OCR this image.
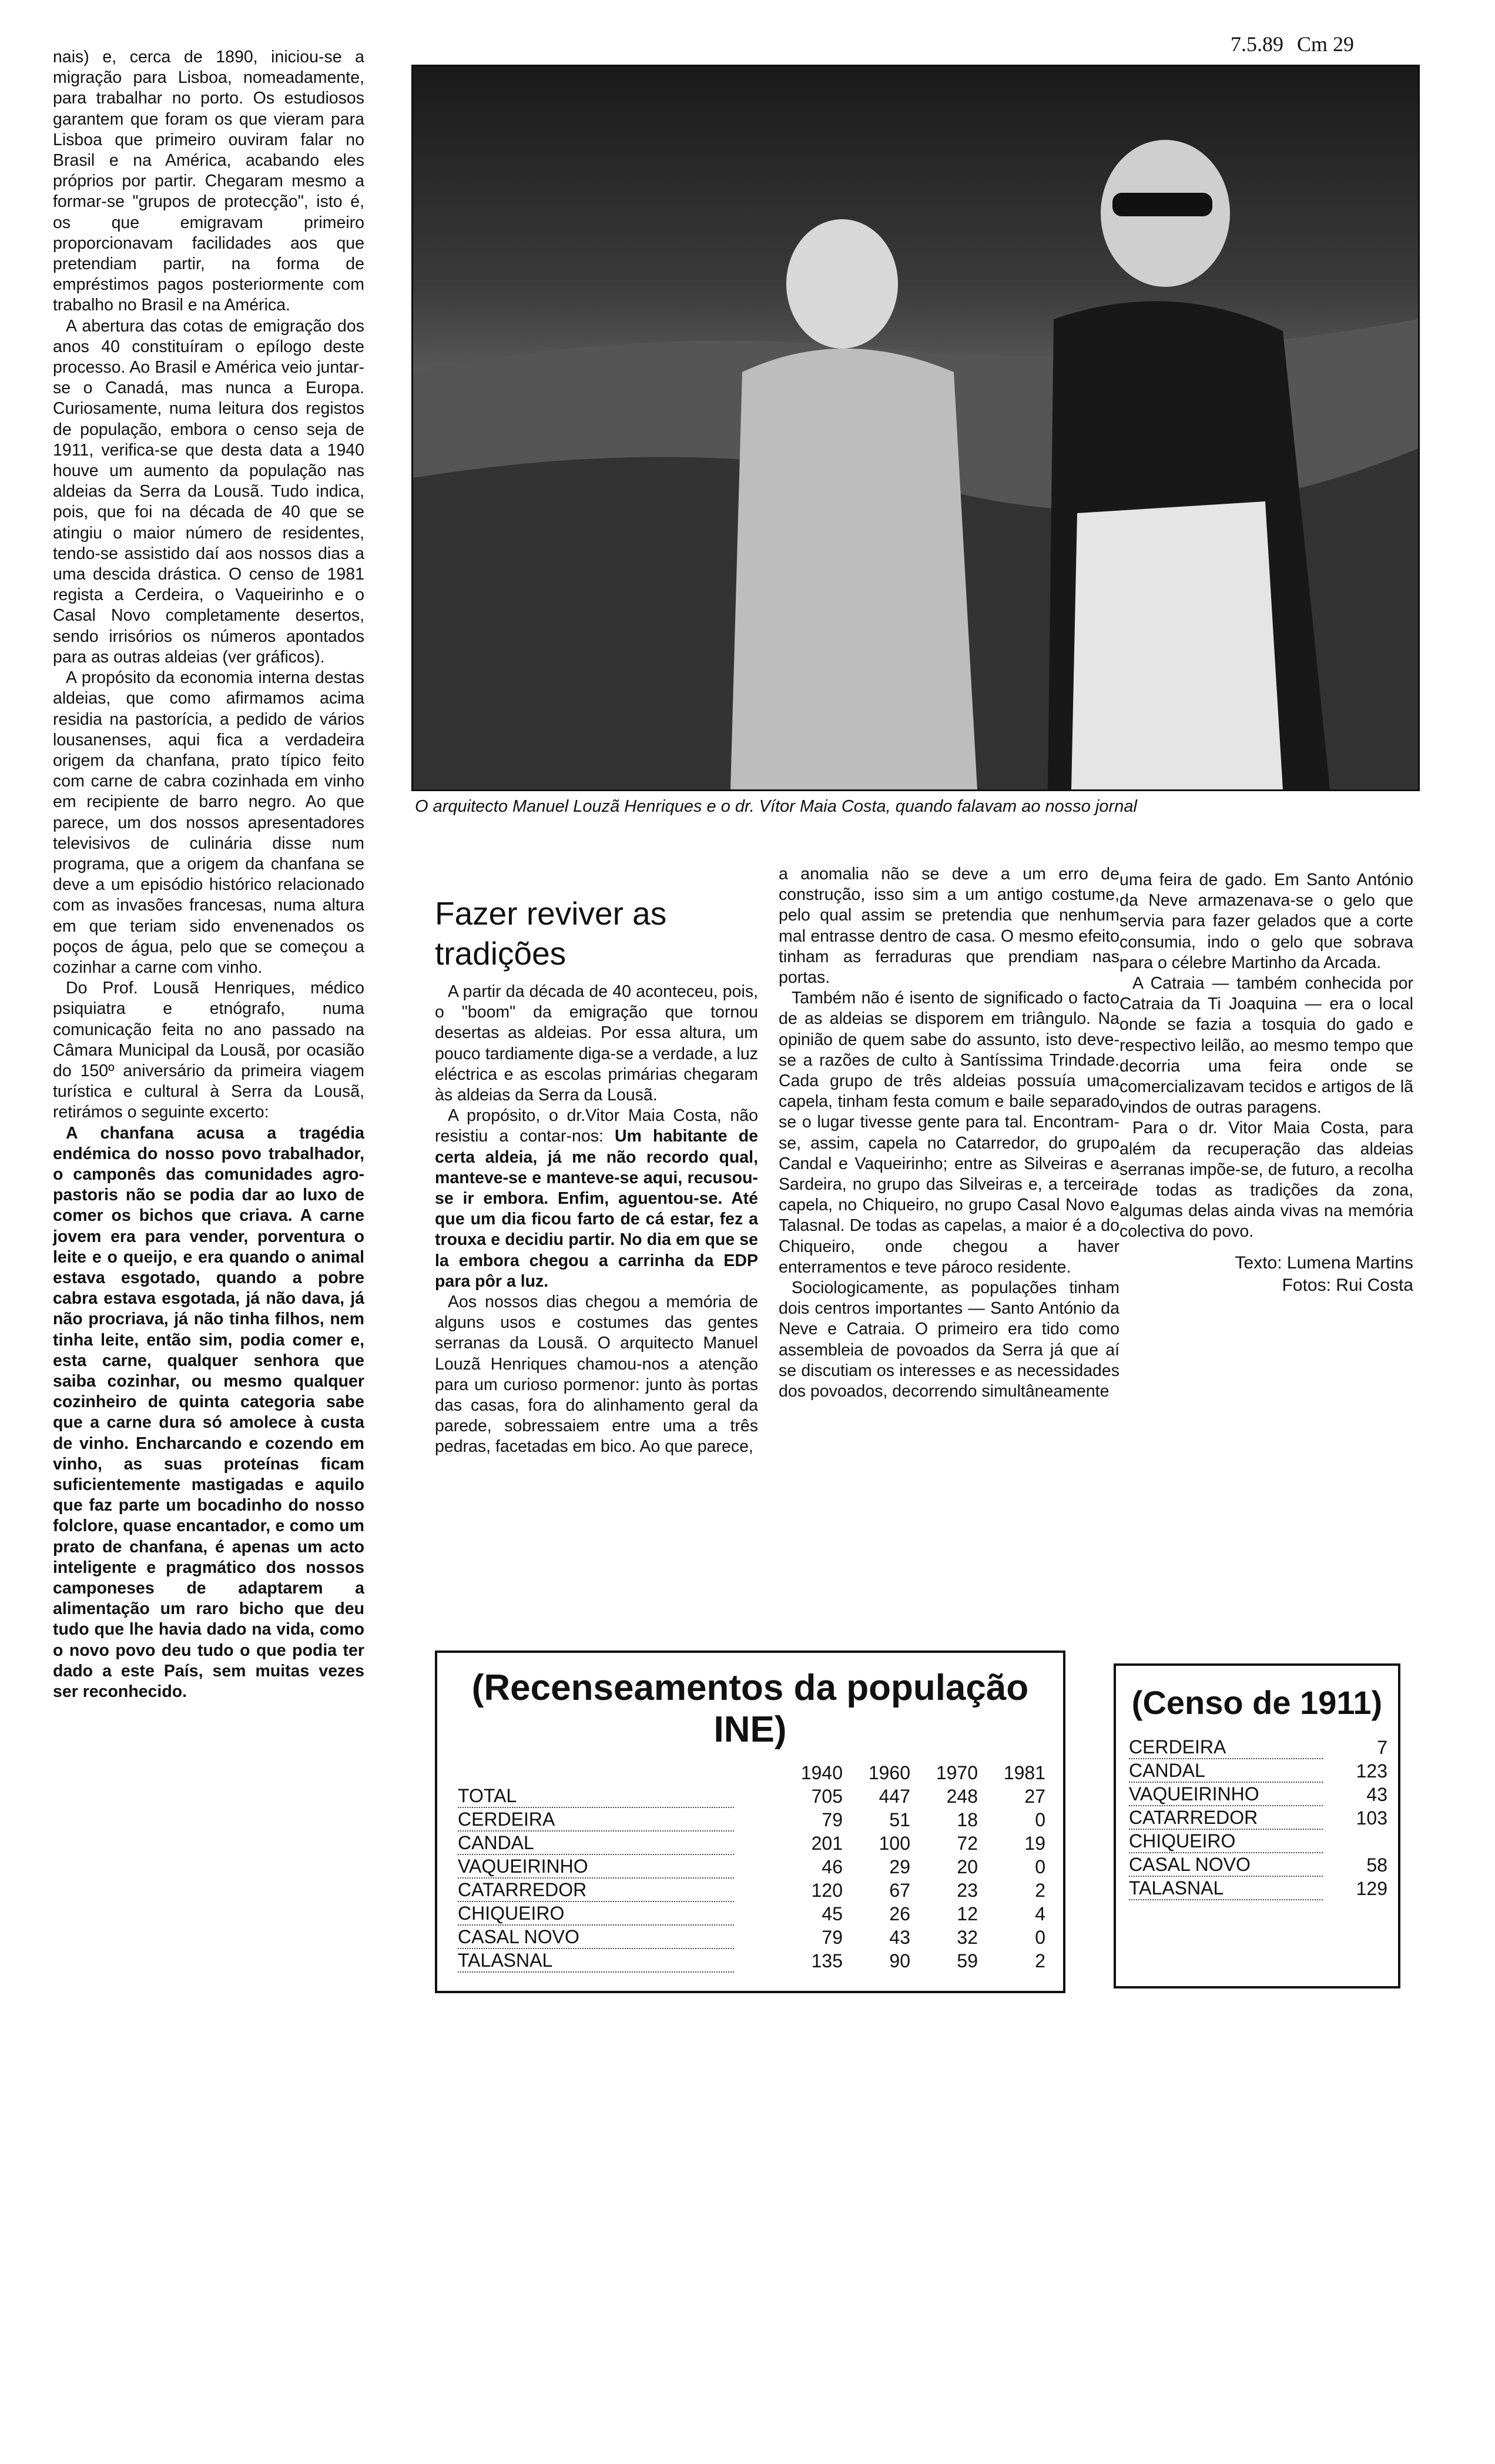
7.5.89 Cm 29

nais) e, cerca de 1890, iniciou-se a migração para Lisboa, nomeadamente, para trabalhar no porto. Os estudiosos garantem que foram os que vieram para Lisboa que primeiro ouviram falar no Brasil e na América, acabando eles próprios por partir. Chegaram mesmo a formar-se "grupos de protecção", isto é, os que emigravam primeiro proporcionavam facilidades aos que pretendiam partir, na forma de empréstimos pagos posteriormente com trabalho no Brasil e na América.

A abertura das cotas de emigração dos anos 40 constituíram o epílogo deste processo. Ao Brasil e América veio juntar-se o Canadá, mas nunca a Europa. Curiosamente, numa leitura dos registos de população, embora o censo seja de 1911, verifica-se que desta data a 1940 houve um aumento da população nas aldeias da Serra da Lousã. Tudo indica, pois, que foi na década de 40 que se atingiu o maior número de residentes, tendo-se assistido daí aos nossos dias a uma descida drástica. O censo de 1981 regista a Cerdeira, o Vaqueirinho e o Casal Novo completamente desertos, sendo irrisórios os números apontados para as outras aldeias (ver gráficos).

A propósito da economia interna destas aldeias, que como afirmamos acima residia na pastorícia, a pedido de vários lousanenses, aqui fica a verdadeira origem da chanfana, prato típico feito com carne de cabra cozinhada em vinho em recipiente de barro negro. Ao que parece, um dos nossos apresentadores televisivos de culinária disse num programa, que a origem da chanfana se deve a um episódio histórico relacionado com as invasões francesas, numa altura em que teriam sido envenenados os poços de água, pelo que se começou a cozinhar a carne com vinho.

Do Prof. Lousã Henriques, médico psiquiatra e etnógrafo, numa comunicação feita no ano passado na Câmara Municipal da Lousã, por ocasião do 150º aniversário da primeira viagem turística e cultural à Serra da Lousã, retirámos o seguinte excerto:

A chanfana acusa a tragédia endémica do nosso povo trabalhador, o camponês das comunidades agro-pastoris não se podia dar ao luxo de comer os bichos que criava. A carne jovem era para vender, porventura o leite e o queijo, e era quando o animal estava esgotado, quando a pobre cabra estava esgotada, já não dava, já não procriava, já não tinha filhos, nem tinha leite, então sim, podia comer e, esta carne, qualquer senhora que saiba cozinhar, ou mesmo qualquer cozinheiro de quinta categoria sabe que a carne dura só amolece à custa de vinho. Encharcando e cozendo em vinho, as suas proteínas ficam suficientemente mastigadas e aquilo que faz parte um bocadinho do nosso folclore, quase encantador, e como um prato de chanfana, é apenas um acto inteligente e pragmático dos nossos camponeses de adaptarem a alimentação um raro bicho que deu tudo que lhe havia dado na vida, como o novo povo deu tudo o que podia ter dado a este País, sem muitas vezes ser reconhecido.

O arquitecto Manuel Louzã Henriques e o dr. Vítor Maia Costa, quando falavam ao nosso jornal
Fazer reviver as tradições

A partir da década de 40 aconteceu, pois, o "boom" da emigração que tornou desertas as aldeias. Por essa altura, um pouco tardiamente diga-se a verdade, a luz eléctrica e as escolas primárias chegaram às aldeias da Serra da Lousã.

A propósito, o dr.Vitor Maia Costa, não resistiu a contar-nos: Um habitante de certa aldeia, já me não recordo qual, manteve-se e manteve-se aqui, recusou-se ir embora. Enfim, aguentou-se. Até que um dia ficou farto de cá estar, fez a trouxa e decidiu partir. No dia em que se la embora chegou a carrinha da EDP para pôr a luz.

Aos nossos dias chegou a memória de alguns usos e costumes das gentes serranas da Lousã. O arquitecto Manuel Louzã Henriques chamou-nos a atenção para um curioso pormenor: junto às portas das casas, fora do alinhamento geral da parede, sobressaiem entre uma a três pedras, facetadas em bico. Ao que parece,

a anomalia não se deve a um erro de construção, isso sim a um antigo costume, pelo qual assim se pretendia que nenhum mal entrasse dentro de casa. O mesmo efeito tinham as ferraduras que prendiam nas portas.

Também não é isento de significado o facto de as aldeias se disporem em triângulo. Na opinião de quem sabe do assunto, isto deve-se a razões de culto à Santíssima Trindade. Cada grupo de três aldeias possuía uma capela, tinham festa comum e baile separado se o lugar tivesse gente para tal. Encontram-se, assim, capela no Catarredor, do grupo Candal e Vaqueirinho; entre as Silveiras e a Sardeira, no grupo das Silveiras e, a terceira capela, no Chiqueiro, no grupo Casal Novo e Talasnal. De todas as capelas, a maior é a do Chiqueiro, onde chegou a haver enterramentos e teve pároco residente.

Sociologicamente, as populações tinham dois centros importantes — Santo António da Neve e Catraia. O primeiro era tido como assembleia de povoados da Serra já que aí se discutiam os interesses e as necessidades dos povoados, decorrendo simultâneamente

uma feira de gado. Em Santo António da Neve armazenava-se o gelo que servia para fazer gelados que a corte consumia, indo o gelo que sobrava para o célebre Martinho da Arcada.

A Catraia — também conhecida por Catraia da Ti Joaquina — era o local onde se fazia a tosquia do gado e respectivo leilão, ao mesmo tempo que decorria uma feira onde se comercializavam tecidos e artigos de lã vindos de outras paragens.

Para o dr. Vitor Maia Costa, para além da recuperação das aldeias serranas impõe-se, de futuro, a recolha de todas as tradições da zona, algumas delas ainda vivas na memória colectiva do povo.

Texto: Lumena Martins
Fotos: Rui Costa
(Recenseamentos da população INE)
	1940	1960	1970	1981
TOTAL	705	447	248	27
CERDEIRA	79	51	18	0
CANDAL	201	100	72	19
VAQUEIRINHO	46	29	20	0
CATARREDOR	120	67	23	2
CHIQUEIRO	45	26	12	4
CASAL NOVO	79	43	32	0
TALASNAL	135	90	59	2
(Censo de 1911)
CERDEIRA	7
CANDAL	123
VAQUEIRINHO	43
CATARREDOR	103
CHIQUEIRO	
CASAL NOVO	58
TALASNAL	129
